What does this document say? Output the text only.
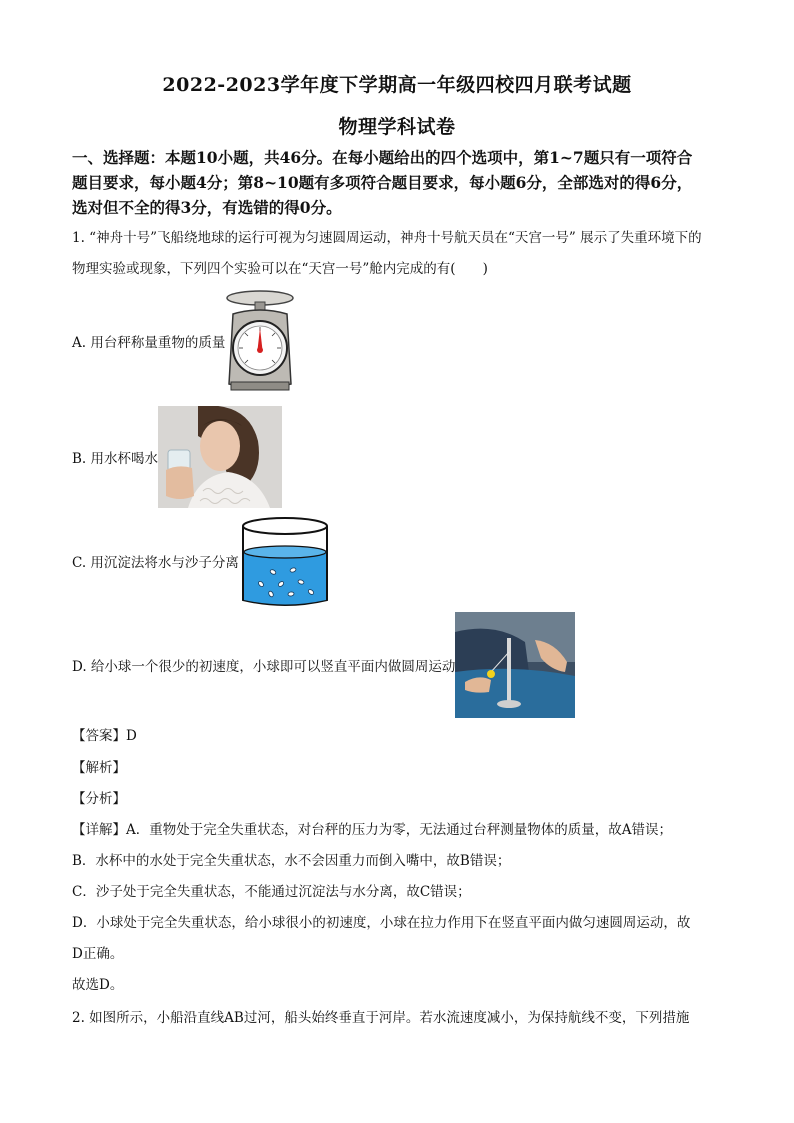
2022-2023学年度下学期高一年级四校四月联考试题
物理学科试卷
一、选择题：本题10小题，共46分。在每小题给出的四个选项中，第1~7题只有一项符合
题目要求，每小题4分；第8~10题有多项符合题目要求，每小题6分，全部选对的得6分，
选对但不全的得3分，有选错的得0分。
1. “神舟十号”飞船绕地球的运行可视为匀速圆周运动，神舟十号航天员在“天宫一号” 展示了失重环境下的
物理实验或现象，下列四个实验可以在“天宫一号”舱内完成的有(　　)
A. 用台秤称量重物的质量
B. 用水杯喝水
C. 用沉淀法将水与沙子分离
D. 给小球一个很少的初速度，小球即可以竖直平面内做圆周运动
【答案】D
【解析】
【分析】
【详解】A．重物处于完全失重状态，对台秤的压力为零，无法通过台秤测量物体的质量，故A错误；
B．水杯中的水处于完全失重状态，水不会因重力而倒入嘴中，故B错误；
C．沙子处于完全失重状态，不能通过沉淀法与水分离，故C错误；
D．小球处于完全失重状态，给小球很小的初速度，小球在拉力作用下在竖直平面内做匀速圆周运动，故
D正确。
故选D。
2. 如图所示，小船沿直线AB过河，船头始终垂直于河岸。若水流速度减小，为保持航线不变，下列措施
